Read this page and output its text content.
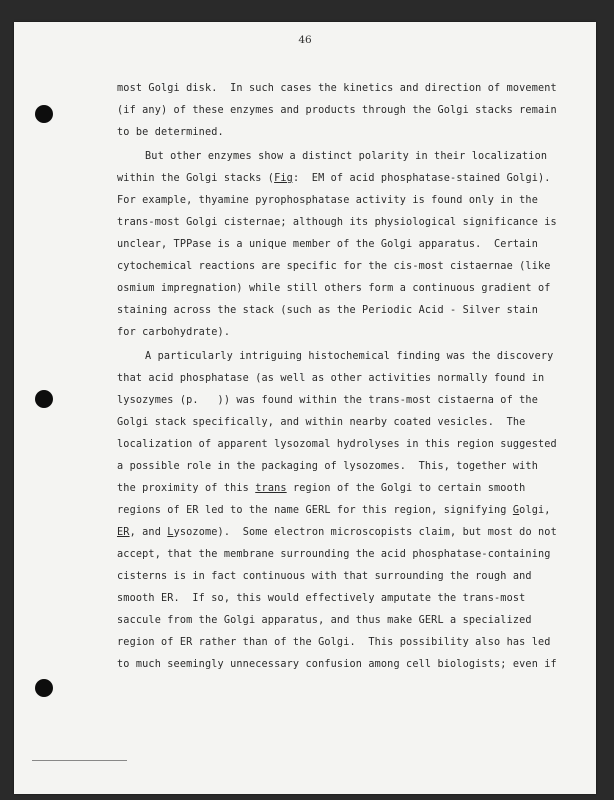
46
most Golgi disk.  In such cases the kinetics and direction of movement
(if any) of these enzymes and products through the Golgi stacks remain
to be determined.
But other enzymes show a distinct polarity in their localization
within the Golgi stacks (Fig:  EM of acid phosphatase-stained Golgi).
For example, thyamine pyrophosphatase activity is found only in the
trans-most Golgi cisternae; although its physiological significance is
unclear, TPPase is a unique member of the Golgi apparatus.  Certain
cytochemical reactions are specific for the cis-most cistaernae (like
osmium impregnation) while still others form a continuous gradient of
staining across the stack (such as the Periodic Acid - Silver stain
for carbohydrate).
A particularly intriguing histochemical finding was the discovery
that acid phosphatase (as well as other activities normally found in
lysozymes (p.   )) was found within the trans-most cistaerna of the
Golgi stack specifically, and within nearby coated vesicles.  The
localization of apparent lysozomal hydrolyses in this region suggested
a possible role in the packaging of lysozomes.  This, together with
the proximity of this trans region of the Golgi to certain smooth
regions of ER led to the name GERL for this region, signifying Golgi,
ER, and Lysozome).  Some electron microscopists claim, but most do not
accept, that the membrane surrounding the acid phosphatase-containing
cisterns is in fact continuous with that surrounding the rough and
smooth ER.  If so, this would effectively amputate the trans-most
saccule from the Golgi apparatus, and thus make GERL a specialized
region of ER rather than of the Golgi.  This possibility also has led
to much seemingly unnecessary confusion among cell biologists; even if
